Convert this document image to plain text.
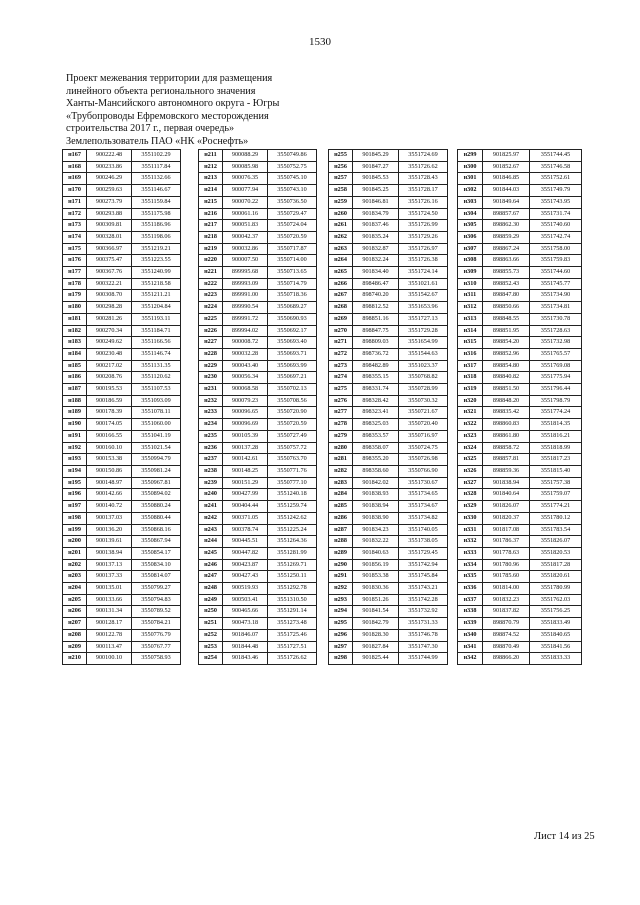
1530
Проект межевания территории для размещения
линейного объекта регионального значения
Ханты-Мансийского автономного округа - Югры
«Трубопроводы Ефремовского месторождения
строительства 2017 г., первая очередь»
Землепользователь ПАО «НК «Роснефть»
н167	900222.48	3551102.29
н168	900233.86	3551117.84
н169	900246.29	3551132.66
н170	900259.63	3551146.67
н171	900273.79	3551159.84
н172	900293.88	3551175.98
н173	900309.81	3551186.96
н174	900328.01	3551198.06
н175	900366.97	3551219.21
н176	900375.47	3551223.55
н177	900367.76	3551240.99
н178	900322.21	3551218.58
н179	900308.70	3551211.21
н180	900298.28	3551204.84
н181	900281.26	3551193.11
н182	900270.34	3551184.71
н183	900249.62	3551166.56
н184	900230.48	3551146.74
н185	900217.02	3551131.35
н186	900208.76	3551120.62
н187	900195.53	3551107.53
н188	900186.59	3551093.09
н189	900178.39	3551078.11
н190	900174.05	3551060.00
н191	900166.55	3551041.19
н192	900160.10	3551021.54
н193	900153.38	3550994.79
н194	900150.86	3550981.24
н195	900148.97	3550967.81
н196	900142.66	3550894.02
н197	900140.72	3550880.24
н198	900137.03	3550880.44
н199	900136.20	3550868.16
н200	900139.61	3550867.94
н201	900138.94	3550854.17
н202	900137.13	3550834.10
н203	900137.33	3550814.07
н204	900135.01	3550799.27
н205	900133.66	3550794.83
н206	900131.34	3550789.52
н207	900128.17	3550784.21
н208	900122.78	3550776.79
н209	900113.47	3550767.77
н210	900100.10	3550758.93
н211	900088.29	3550749.86
н212	900085.98	3550752.75
н213	900076.35	3550745.10
н214	900077.94	3550743.10
н215	900070.22	3550736.50
н216	900061.16	3550729.47
н217	900051.83	3550724.04
н218	900042.37	3550720.59
н219	900032.86	3550717.87
н220	900007.50	3550714.00
н221	899995.68	3550713.65
н222	899993.09	3550714.79
н223	899991.00	3550718.36
н224	899990.54	3550689.27
н225	899991.72	3550690.93
н226	899994.02	3550692.17
н227	900008.72	3550693.40
н228	900032.28	3550693.71
н229	900043.40	3550693.99
н230	900056.34	3550697.21
н231	900068.58	3550702.13
н232	900079.23	3550708.56
н233	900096.65	3550720.90
н234	900096.69	3550720.59
н235	900105.39	3550727.49
н236	900137.28	3550757.72
н237	900142.61	3550763.70
н238	900148.25	3550771.76
н239	900151.29	3550777.10
н240	900427.99	3551240.18
н241	900404.44	3551259.74
н242	900371.05	3551242.62
н243	900378.74	3551225.24
н244	900445.51	3551264.36
н245	900447.82	3551281.99
н246	900423.87	3551269.71
н247	900427.43	3551250.11
н248	900519.93	3551292.78
н249	900503.41	3551310.50
н250	900465.66	3551291.14
н251	900473.18	3551273.48
н252	901846.07	3551725.46
н253	901844.48	3551727.51
н254	901843.46	3551726.62
н255	901845.29	3551724.69
н256	901847.27	3551726.62
н257	901845.53	3551728.43
н258	901845.25	3551728.17
н259	901846.81	3551726.16
н260	901834.79	3551724.50
н261	901837.46	3551726.99
н262	901835.24	3551729.26
н263	901832.87	3551726.97
н264	901832.24	3551726.38
н265	901834.40	3551724.14
н266	898486.47	3551021.61
н267	898740.20	3551542.67
н268	898812.52	3551653.96
н269	898851.16	3551727.13
н270	898847.75	3551729.28
н271	898809.03	3551654.99
н272	898736.72	3551544.63
н273	898482.89	3551023.37
н274	898355.15	3550768.82
н275	898331.74	3550728.99
н276	898328.42	3550730.32
н277	898323.41	3550721.67
н278	898325.03	3550720.40
н279	898353.57	3550716.97
н280	898358.07	3550724.75
н281	898355.20	3550726.98
н282	898358.60	3550766.90
н283	901842.02	3551730.67
н284	901838.93	3551734.65
н285	901838.94	3551734.67
н286	901838.90	3551734.82
н287	901834.23	3551740.05
н288	901832.22	3551738.05
н289	901840.63	3551729.45
н290	901856.19	3551742.94
н291	901853.38	3551745.84
н292	901830.36	3551743.21
н293	901851.26	3551742.28
н294	901841.54	3551732.92
н295	901842.79	3551731.33
н296	901828.30	3551746.78
н297	901827.84	3551747.30
н298	901825.44	3551744.99
н299	901825.97	3551744.45
н300	901852.67	3551746.58
н301	901846.85	3551752.61
н302	901844.03	3551749.79
н303	901849.64	3551743.95
н304	898857.67	3551731.74
н305	898862.30	3551740.60
н306	898859.29	3551742.74
н307	898867.24	3551758.00
н308	898863.66	3551759.83
н309	898855.73	3551744.60
н310	898852.43	3551745.77
н311	898847.80	3551734.90
н312	898850.66	3551734.81
н313	898848.55	3551730.78
н314	898851.95	3551728.63
н315	898854.20	3551732.98
н316	898852.96	3551765.57
н317	898854.80	3551769.08
н318	898840.82	3551775.94
н319	898851.50	3551796.44
н320	898848.20	3551798.79
н321	898835.42	3551774.24
н322	898860.83	3551814.35
н323	898861.80	3551816.21
н324	898858.72	3551818.99
н325	898857.81	3551817.23
н326	898859.36	3551815.40
н327	901838.94	3551757.38
н328	901840.64	3551759.07
н329	901826.07	3551774.21
н330	901820.37	3551780.12
н331	901817.08	3551783.54
н332	901786.37	3551826.07
н333	901778.63	3551820.53
н334	901780.96	3551817.28
н335	901785.60	3551820.61
н336	901814.00	3551780.99
н337	901832.23	3551762.03
н338	901837.82	3551756.25
н339	898870.79	3551833.49
н340	898874.52	3551840.65
н341	898870.49	3551841.56
н342	898866.20	3551833.33
Лист 14 из 25
